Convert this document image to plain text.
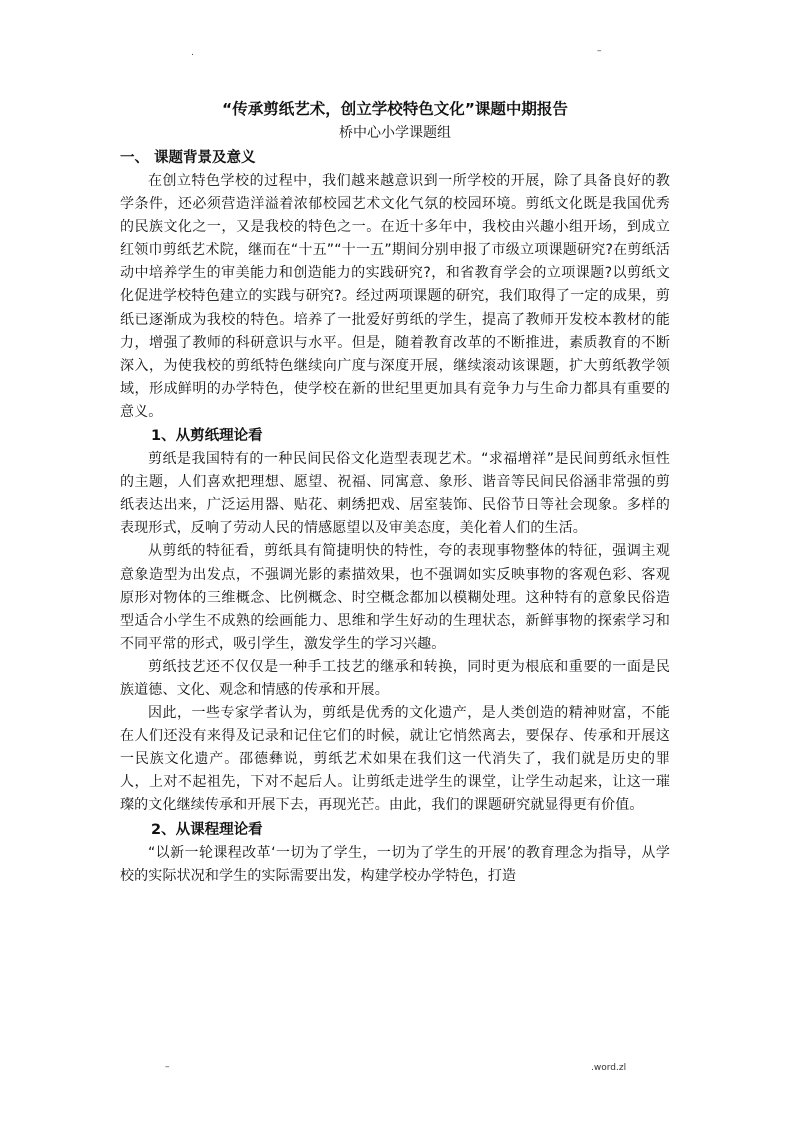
.	–

“传承剪纸艺术，创立学校特色文化”课题中期报告

桥中心小学课题组

一、 课题背景及意义

在创立特色学校的过程中，我们越来越意识到一所学校的开展，除了具备良好的教学条件，还必须营造洋溢着浓郁校园艺术文化气氛的校园环境。剪纸文化既是我国优秀的民族文化之一，又是我校的特色之一。在近十多年中，我校由兴趣小组开场，到成立红领巾剪纸艺术院，继而在“十五”“十一五”期间分别申报了市级立项课题研究?在剪纸活动中培养学生的审美能力和创造能力的实践研究?，和省教育学会的立项课题?以剪纸文化促进学校特色建立的实践与研究?。经过两项课题的研究，我们取得了一定的成果，剪纸已逐渐成为我校的特色。培养了一批爱好剪纸的学生，提高了教师开发校本教材的能力，增强了教师的科研意识与水平。但是，随着教育改革的不断推进，素质教育的不断深入，为使我校的剪纸特色继续向广度与深度开展，继续滚动该课题，扩大剪纸教学领域，形成鲜明的办学特色，使学校在新的世纪里更加具有竞争力与生命力都具有重要的意义。

1、从剪纸理论看

剪纸是我国特有的一种民间民俗文化造型表现艺术。“求福增祥”是民间剪纸永恒性的主题，人们喜欢把理想、愿望、祝福、同寓意、象形、谐音等民间民俗涵非常强的剪纸表达出来，广泛运用器、贴花、刺绣把戏、居室装饰、民俗节日等社会现象。多样的表现形式，反响了劳动人民的情感愿望以及审美态度，美化着人们的生活。

从剪纸的特征看，剪纸具有简捷明快的特性，夸的表现事物整体的特征，强调主观意象造型为出发点，不强调光影的素描效果，也不强调如实反映事物的客观色彩、客观原形对物体的三维概念、比例概念、时空概念都加以模糊处理。这种特有的意象民俗造型适合小学生不成熟的绘画能力、思维和学生好动的生理状态，新鲜事物的探索学习和不同平常的形式，吸引学生，激发学生的学习兴趣。

剪纸技艺还不仅仅是一种手工技艺的继承和转换，同时更为根底和重要的一面是民族道德、文化、观念和情感的传承和开展。

因此，一些专家学者认为，剪纸是优秀的文化遗产，是人类创造的精神财富，不能在人们还没有来得及记录和记住它们的时候，就让它悄然离去，要保存、传承和开展这一民族文化遗产。邵德彝说，剪纸艺术如果在我们这一代消失了，我们就是历史的罪人，上对不起祖先，下对不起后人。让剪纸走进学生的课堂，让学生动起来，让这一璀璨的文化继续传承和开展下去，再现光芒。由此，我们的课题研究就显得更有价值。

2、从课程理论看

“以新一轮课程改革‘一切为了学生，一切为了学生的开展’的教育理念为指导，从学校的实际状况和学生的实际需要出发，构建学校办学特色，打造

–	.word.zl
